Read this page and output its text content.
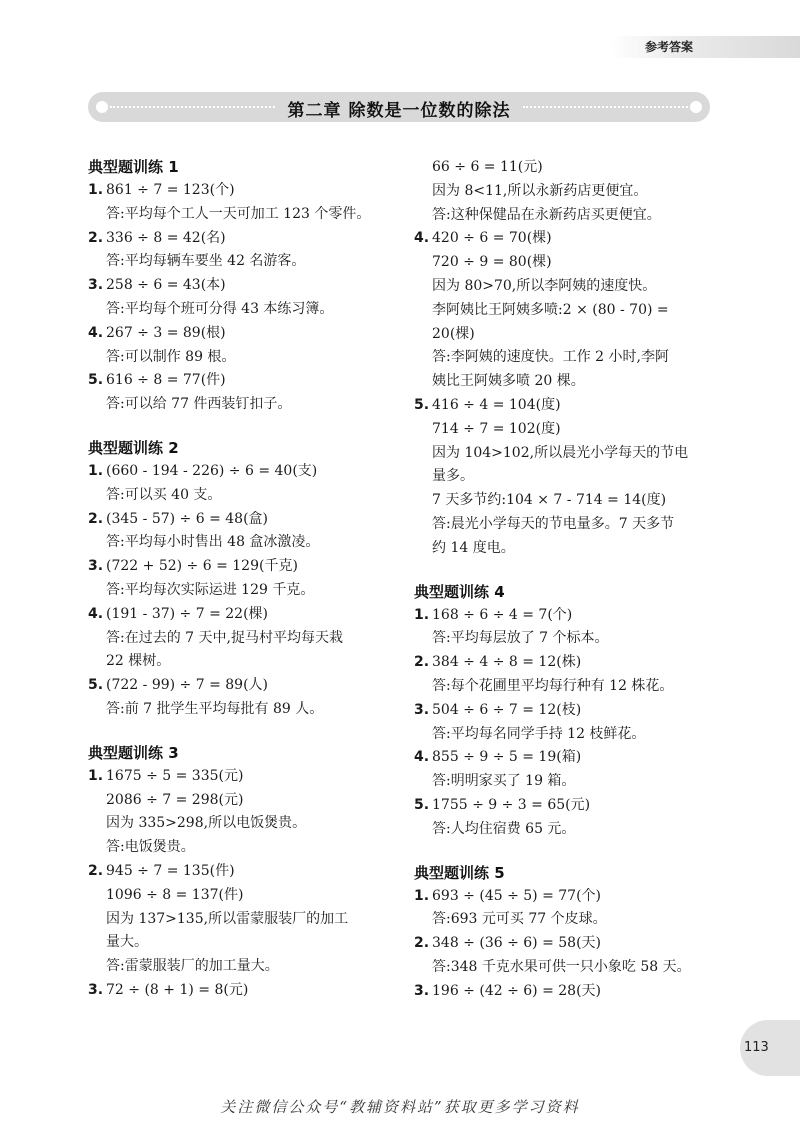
参考答案
第二章 除数是一位数的除法
典型题训练 1
1. 861 ÷ 7 = 123(个)
答:平均每个工人一天可加工 123 个零件。
2. 336 ÷ 8 = 42(名)
答:平均每辆车要坐 42 名游客。
3. 258 ÷ 6 = 43(本)
答:平均每个班可分得 43 本练习簿。
4. 267 ÷ 3 = 89(根)
答:可以制作 89 根。
5. 616 ÷ 8 = 77(件)
答:可以给 77 件西装钉扣子。
典型题训练 2
1. (660 - 194 - 226) ÷ 6 = 40(支)
答:可以买 40 支。
2. (345 - 57) ÷ 6 = 48(盒)
答:平均每小时售出 48 盒冰激凌。
3. (722 + 52) ÷ 6 = 129(千克)
答:平均每次实际运进 129 千克。
4. (191 - 37) ÷ 7 = 22(棵)
答:在过去的 7 天中,捉马村平均每天栽
22 棵树。
5. (722 - 99) ÷ 7 = 89(人)
答:前 7 批学生平均每批有 89 人。
典型题训练 3
1. 1675 ÷ 5 = 335(元)
2086 ÷ 7 = 298(元)
因为 335>298,所以电饭煲贵。
答:电饭煲贵。
2. 945 ÷ 7 = 135(件)
1096 ÷ 8 = 137(件)
因为 137>135,所以雷蒙服装厂的加工
量大。
答:雷蒙服装厂的加工量大。
3. 72 ÷ (8 + 1) = 8(元)
66 ÷ 6 = 11(元)
因为 8<11,所以永新药店更便宜。
答:这种保健品在永新药店买更便宜。
4. 420 ÷ 6 = 70(棵)
720 ÷ 9 = 80(棵)
因为 80>70,所以李阿姨的速度快。
李阿姨比王阿姨多喷:2 × (80 - 70) =
20(棵)
答:李阿姨的速度快。工作 2 小时,李阿
姨比王阿姨多喷 20 棵。
5. 416 ÷ 4 = 104(度)
714 ÷ 7 = 102(度)
因为 104>102,所以晨光小学每天的节电
量多。
7 天多节约:104 × 7 - 714 = 14(度)
答:晨光小学每天的节电量多。7 天多节
约 14 度电。
典型题训练 4
1. 168 ÷ 6 ÷ 4 = 7(个)
答:平均每层放了 7 个标本。
2. 384 ÷ 4 ÷ 8 = 12(株)
答:每个花圃里平均每行种有 12 株花。
3. 504 ÷ 6 ÷ 7 = 12(枝)
答:平均每名同学手持 12 枝鲜花。
4. 855 ÷ 9 ÷ 5 = 19(箱)
答:明明家买了 19 箱。
5. 1755 ÷ 9 ÷ 3 = 65(元)
答:人均住宿费 65 元。
典型题训练 5
1. 693 ÷ (45 ÷ 5) = 77(个)
答:693 元可买 77 个皮球。
2. 348 ÷ (36 ÷ 6) = 58(天)
答:348 千克水果可供一只小象吃 58 天。
3. 196 ÷ (42 ÷ 6) = 28(天)
113
关注微信公众号“教辅资料站”获取更多学习资料
